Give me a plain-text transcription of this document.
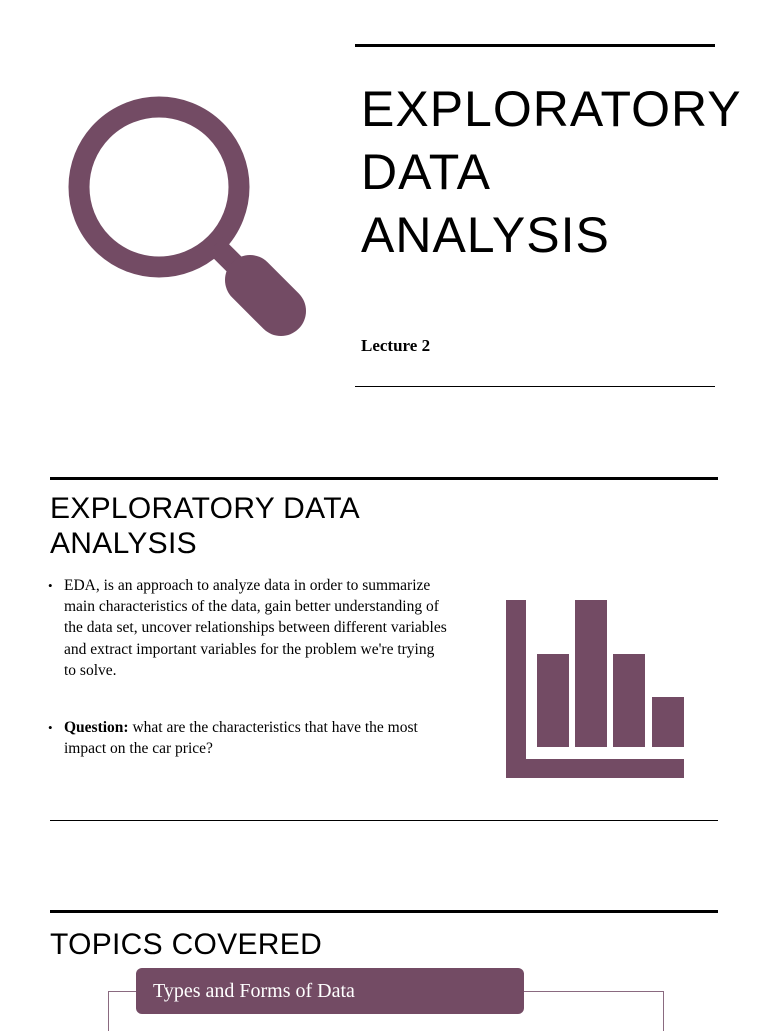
EXPLORATORY
DATA
ANALYSIS
Lecture 2
EXPLORATORY DATA ANALYSIS
• EDA, is an approach to analyze data in order to summarize main characteristics of the data, gain better understanding of the data set, uncover relationships between different variables and extract important variables for the problem we're trying to solve.
• Question: what are the characteristics that have the most impact on the car price?
TOPICS COVERED
Types and Forms of Data
